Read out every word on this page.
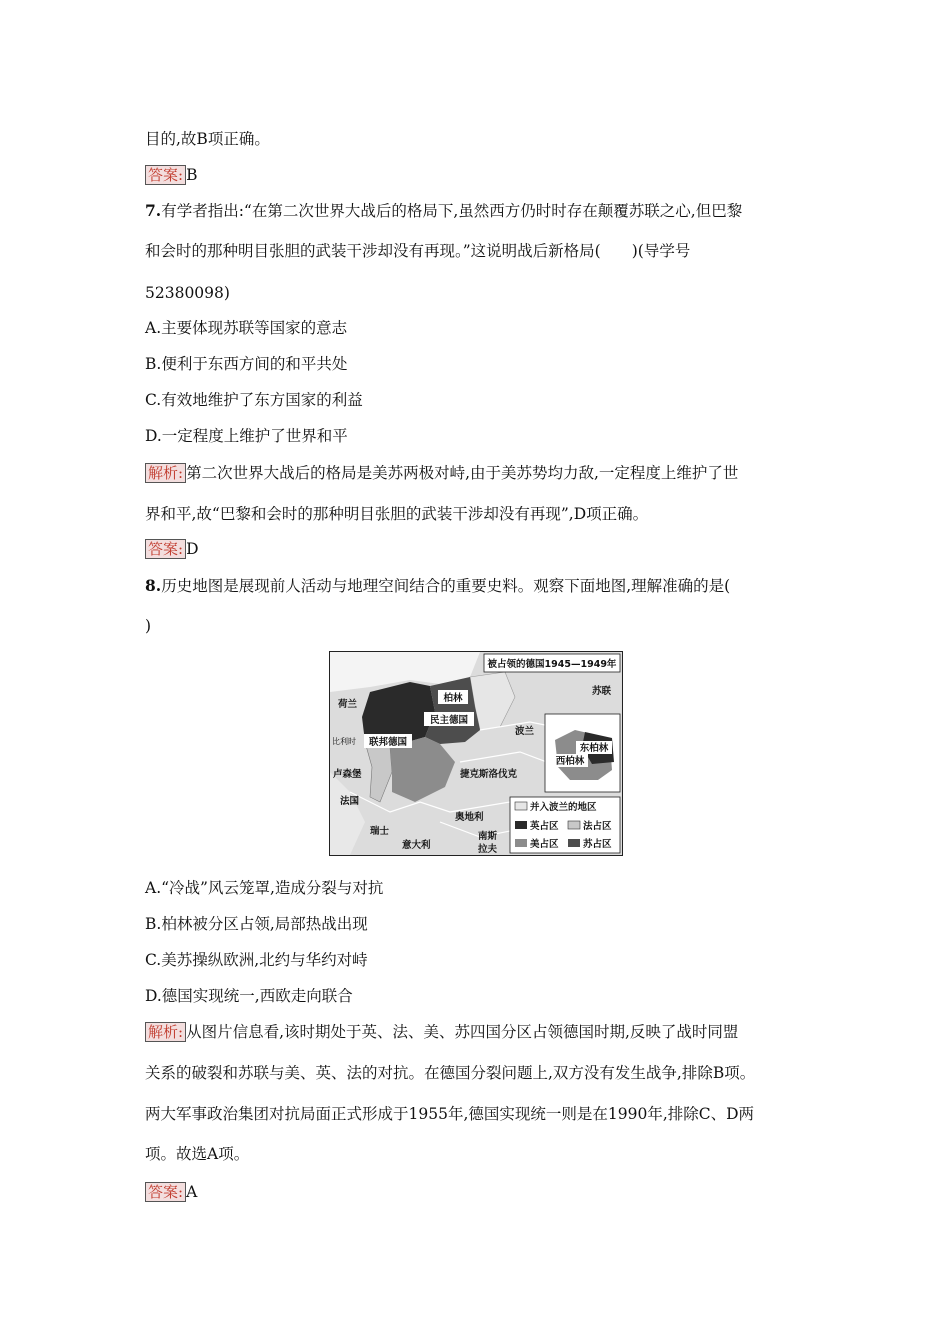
目的,故B项正确。
答案: B
7.有学者指出:“在第二次世界大战后的格局下,虽然西方仍时时存在颠覆苏联之心,但巴黎
和会时的那种明目张胆的武装干涉却没有再现。”这说明战后新格局(　　)(导学号
52380098)
A.主要体现苏联等国家的意志
B.便利于东西方间的和平共处
C.有效地维护了东方国家的利益
D.一定程度上维护了世界和平
解析: 第二次世界大战后的格局是美苏两极对峙,由于美苏势均力敌,一定程度上维护了世
界和平,故“巴黎和会时的那种明目张胆的武装干涉却没有再现”,D项正确。
答案: D
8.历史地图是展现前人活动与地理空间结合的重要史料。观察下面地图,理解准确的是(
)
被占领的德国1945—1949年
东柏林
西柏林
荷兰
比利时
卢森堡
法国
瑞士
意大利
奥地利
南斯
拉夫
捷克斯洛伐克
波兰
苏联
柏林
民主德国
联邦德国
并入波兰的地区
英占区	法占区
美占区	苏占区
A.“冷战”风云笼罩,造成分裂与对抗
B.柏林被分区占领,局部热战出现
C.美苏操纵欧洲,北约与华约对峙
D.德国实现统一,西欧走向联合
解析: 从图片信息看,该时期处于英、法、美、苏四国分区占领德国时期,反映了战时同盟
关系的破裂和苏联与美、英、法的对抗。在德国分裂问题上,双方没有发生战争,排除B项。
两大军事政治集团对抗局面正式形成于1955年,德国实现统一则是在1990年,排除C、D两
项。故选A项。
答案: A
